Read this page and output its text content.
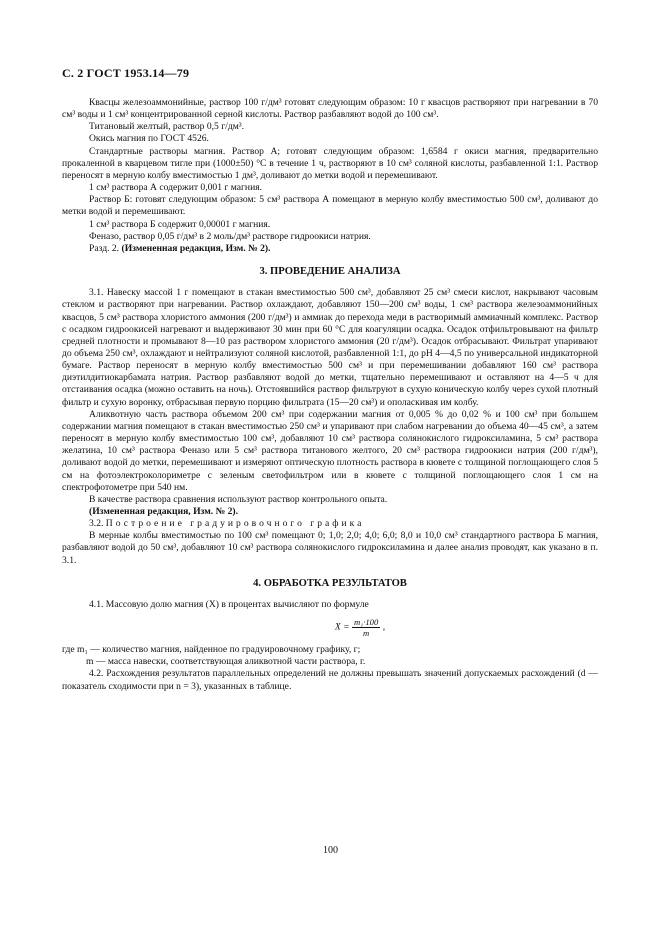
С. 2 ГОСТ 1953.14—79

Квасцы железоаммонийные, раствор 100 г/дм³ готовят следующим образом: 10 г квасцов растворяют при нагревании в 70 см³ воды и 1 см³ концентрированной серной кислоты. Раствор разбавляют водой до 100 см³.

Титановый желтый, раствор 0,5 г/дм³.

Окись магния по ГОСТ 4526.

Стандартные растворы магния. Раствор А; готовят следующим образом: 1,6584 г окиси магния, предварительно прокаленной в кварцевом тигле при (1000±50) °С в течение 1 ч, растворяют в 10 см³ соляной кислоты, разбавленной 1:1. Раствор переносят в мерную колбу вместимостью 1 дм³, доливают до метки водой и перемешивают.

1 см³ раствора А содержит 0,001 г магния.

Раствор Б: готовят следующим образом: 5 см³ раствора А помещают в мерную колбу вместимостью 500 см³, доливают до метки водой и перемешивают.

1 см³ раствора Б содержит 0,00001 г магния.

Феназо, раствор 0,05 г/дм³ в 2 моль/дм³ растворе гидроокиси натрия.

Разд. 2. (Измененная редакция, Изм. № 2).

3. ПРОВЕДЕНИЕ АНАЛИЗА

3.1. Навеску массой 1 г помещают в стакан вместимостью 500 см³, добавляют 25 см³ смеси кислот, накрывают часовым стеклом и растворяют при нагревании. Раствор охлаждают, добавляют 150—200 см³ воды, 1 см³ раствора железоаммонийных квасцов, 5 см³ раствора хлористого аммония (200 г/дм³) и аммиак до перехода меди в растворимый аммиачный комплекс. Раствор с осадком гидроокисей нагревают и выдерживают 30 мин при 60 °С для коагуляции осадка. Осадок отфильтровывают на фильтр средней плотности и промывают 8—10 раз раствором хлористого аммония (20 г/дм³). Осадок отбрасывают. Фильтрат упаривают до объема 250 см³, охлаждают и нейтрализуют соляной кислотой, разбавленной 1:1, до рН 4—4,5 по универсальной индикаторной бумаге. Раствор переносят в мерную колбу вместимостью 500 см³ и при перемешивании добавляют 160 см³ раствора диэтилдитиокарбамата натрия. Раствор разбавляют водой до метки, тщательно перемешивают и оставляют на 4—5 ч для отстаивания осадка (можно оставить на ночь). Отстоявшийся раствор фильтруют в сухую коническую колбу через сухой плотный фильтр и сухую воронку, отбрасывая первую порцию фильтрата (15—20 см³) и ополаскивая им колбу.

Аликвотную часть раствора объемом 200 см³ при содержании магния от 0,005 % до 0,02 % и 100 см³ при большем содержании магния помещают в стакан вместимостью 250 см³ и упаривают при слабом нагревании до объема 40—45 см³, а затем переносят в мерную колбу вместимостью 100 см³, добавляют 10 см³ раствора солянокислого гидроксиламина, 5 см³ раствора желатина, 10 см³ раствора Феназо или 5 см³ раствора титанового желтого, 20 см³ раствора гидроокиси натрия (200 г/дм³), доливают водой до метки, перемешивают и измеряют оптическую плотность раствора в кювете с толщиной поглощающего слоя 5 см на фотоэлектроколориметре с зеленым светофильтром или в кювете с толщиной поглощающего слоя 1 см на спектрофотометре при 540 нм.

В качестве раствора сравнения используют раствор контрольного опыта.

(Измененная редакция, Изм. № 2).

3.2. Построение градуировочного графика

В мерные колбы вместимостью по 100 см³ помещают 0; 1,0; 2,0; 4,0; 6,0; 8,0 и 10,0 см³ стандартного раствора Б магния, разбавляют водой до 50 см³, добавляют 10 см³ раствора солянокислого гидроксиламина и далее анализ проводят, как указано в п. 3.1.

4. ОБРАБОТКА РЕЗУЛЬТАТОВ

4.1. Массовую долю магния (X) в процентах вычисляют по формуле

$X = \frac{\text{m₁·100}}{m}$ ,

где m₁ — количество магния, найденное по градуировочному графику, г;

m — масса навески, соответствующая аликвотной части раствора, г.

4.2. Расхождения результатов параллельных определений не должны превышать значений допускаемых расхождений (d — показатель сходимости при n = 3), указанных в таблице.

100
